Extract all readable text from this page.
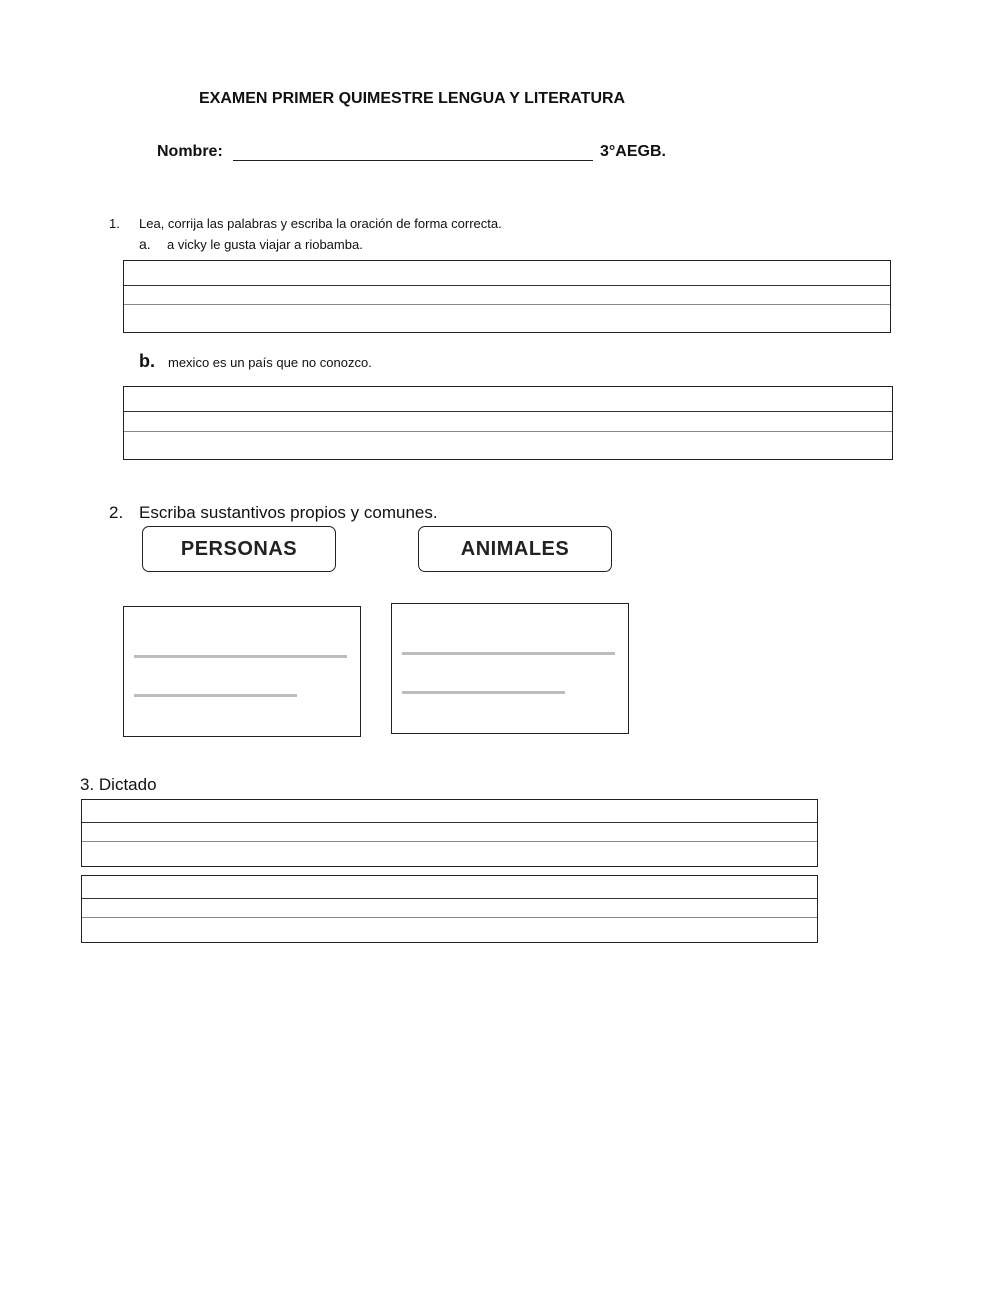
EXAMEN PRIMER QUIMESTRE LENGUA Y LITERATURA
Nombre:	3°AEGB.
1. Lea, corrija las palabras y escriba la oración de forma correcta.
a. a vicky le gusta viajar a riobamba.
b. mexico es un país que no conozco.
2. Escriba sustantivos propios y comunes.
PERSONAS	ANIMALES
3. Dictado
